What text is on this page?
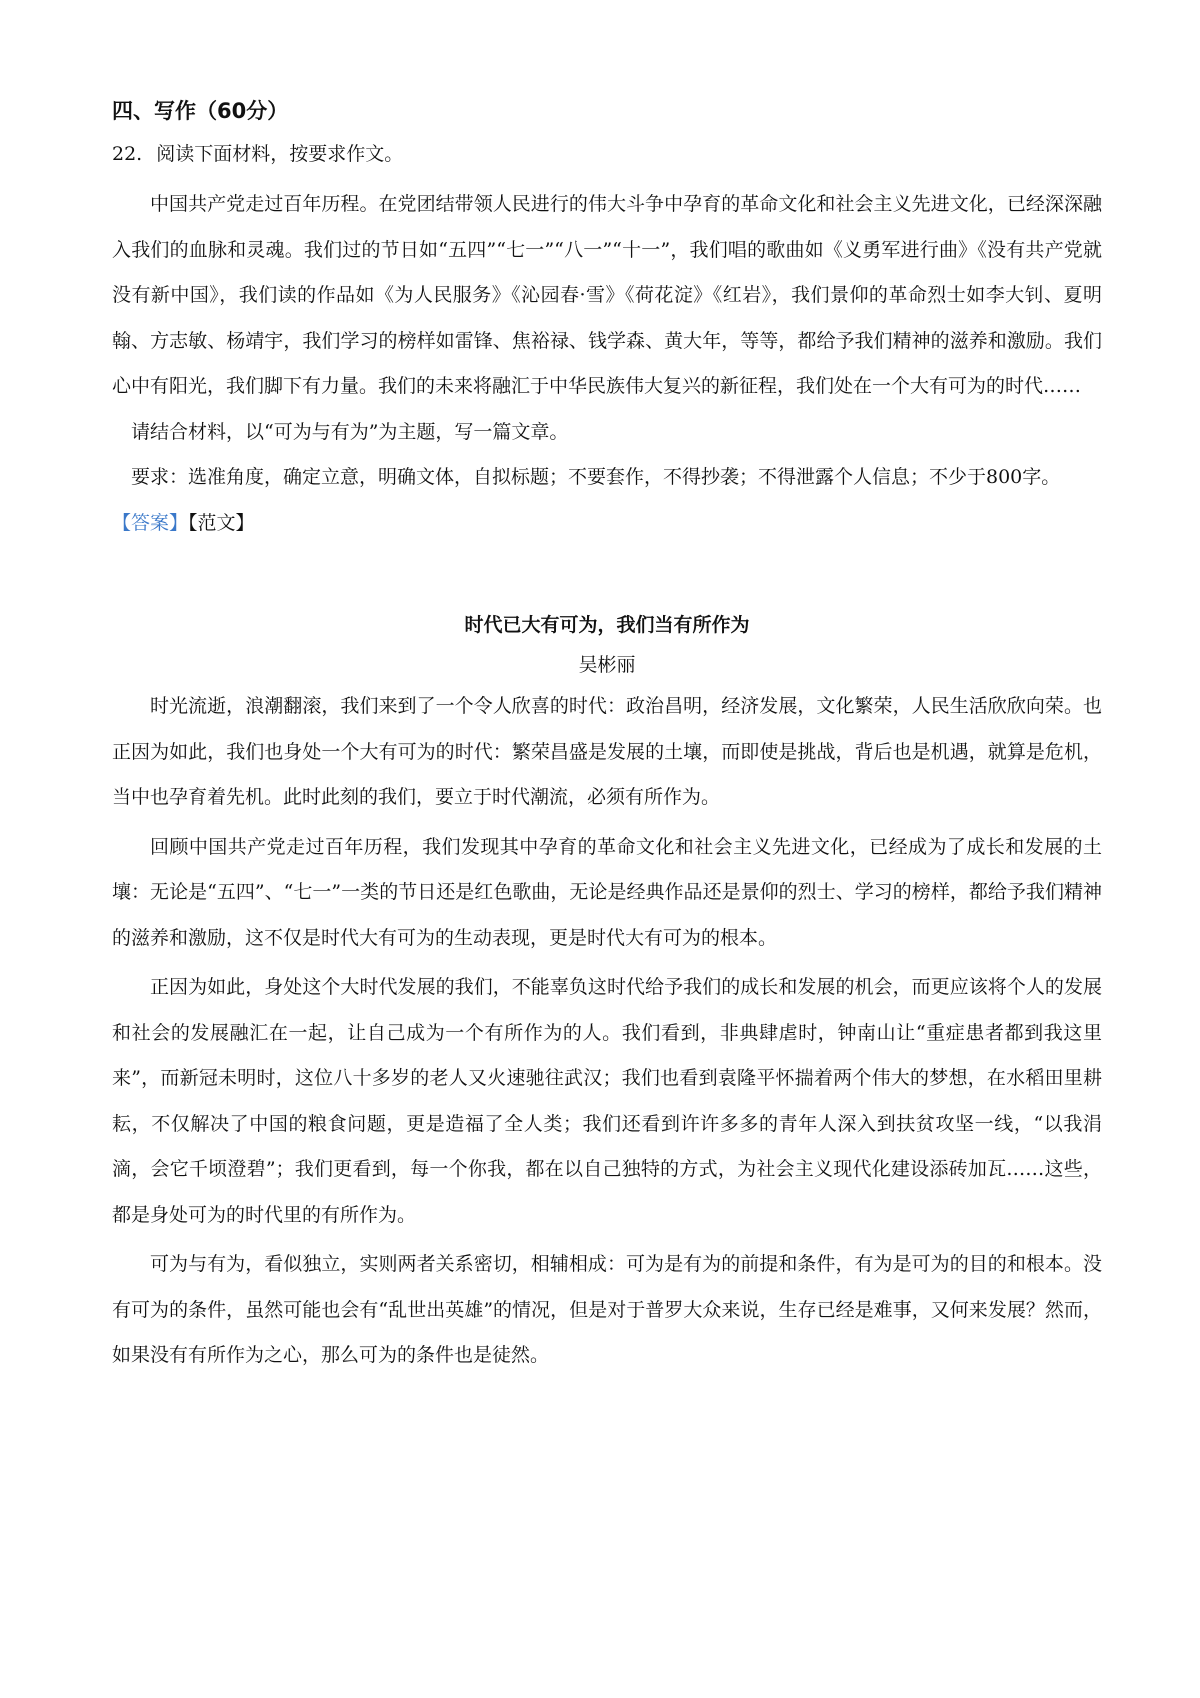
四、写作（60分）
22. 阅读下面材料，按要求作文。

中国共产党走过百年历程。在党团结带领人民进行的伟大斗争中孕育的革命文化和社会主义先进文化，已经深深融入我们的血脉和灵魂。我们过的节日如“五四”“七一”“八一”“十一”，我们唱的歌曲如《义勇军进行曲》《没有共产党就没有新中国》，我们读的作品如《为人民服务》《沁园春·雪》《荷花淀》《红岩》，我们景仰的革命烈士如李大钊、夏明翰、方志敏、杨靖宇，我们学习的榜样如雷锋、焦裕禄、钱学森、黄大年，等等，都给予我们精神的滋养和激励。我们心中有阳光，我们脚下有力量。我们的未来将融汇于中华民族伟大复兴的新征程，我们处在一个大有可为的时代……

请结合材料，以“可为与有为”为主题，写一篇文章。

要求：选准角度，确定立意，明确文体，自拟标题；不要套作，不得抄袭；不得泄露个人信息；不少于800字。

【答案】【范文】

时代已大有可为，我们当有所作为
吴彬丽

时光流逝，浪潮翻滚，我们来到了一个令人欣喜的时代：政治昌明，经济发展，文化繁荣，人民生活欣欣向荣。也正因为如此，我们也身处一个大有可为的时代：繁荣昌盛是发展的土壤，而即使是挑战，背后也是机遇，就算是危机，当中也孕育着先机。此时此刻的我们，要立于时代潮流，必须有所作为。

回顾中国共产党走过百年历程，我们发现其中孕育的革命文化和社会主义先进文化，已经成为了成长和发展的土壤：无论是“五四”、“七一”一类的节日还是红色歌曲，无论是经典作品还是景仰的烈士、学习的榜样，都给予我们精神的滋养和激励，这不仅是时代大有可为的生动表现，更是时代大有可为的根本。

正因为如此，身处这个大时代发展的我们，不能辜负这时代给予我们的成长和发展的机会，而更应该将个人的发展和社会的发展融汇在一起，让自己成为一个有所作为的人。我们看到，非典肆虐时，钟南山让“重症患者都到我这里来”，而新冠未明时，这位八十多岁的老人又火速驰往武汉；我们也看到袁隆平怀揣着两个伟大的梦想，在水稻田里耕耘，不仅解决了中国的粮食问题，更是造福了全人类；我们还看到许许多多的青年人深入到扶贫攻坚一线，“以我涓滴，会它千顷澄碧”；我们更看到，每一个你我，都在以自己独特的方式，为社会主义现代化建设添砖加瓦……这些，都是身处可为的时代里的有所作为。

可为与有为，看似独立，实则两者关系密切，相辅相成：可为是有为的前提和条件，有为是可为的目的和根本。没有可为的条件，虽然可能也会有“乱世出英雄”的情况，但是对于普罗大众来说，生存已经是难事，又何来发展？然而，如果没有有所作为之心，那么可为的条件也是徒然。
